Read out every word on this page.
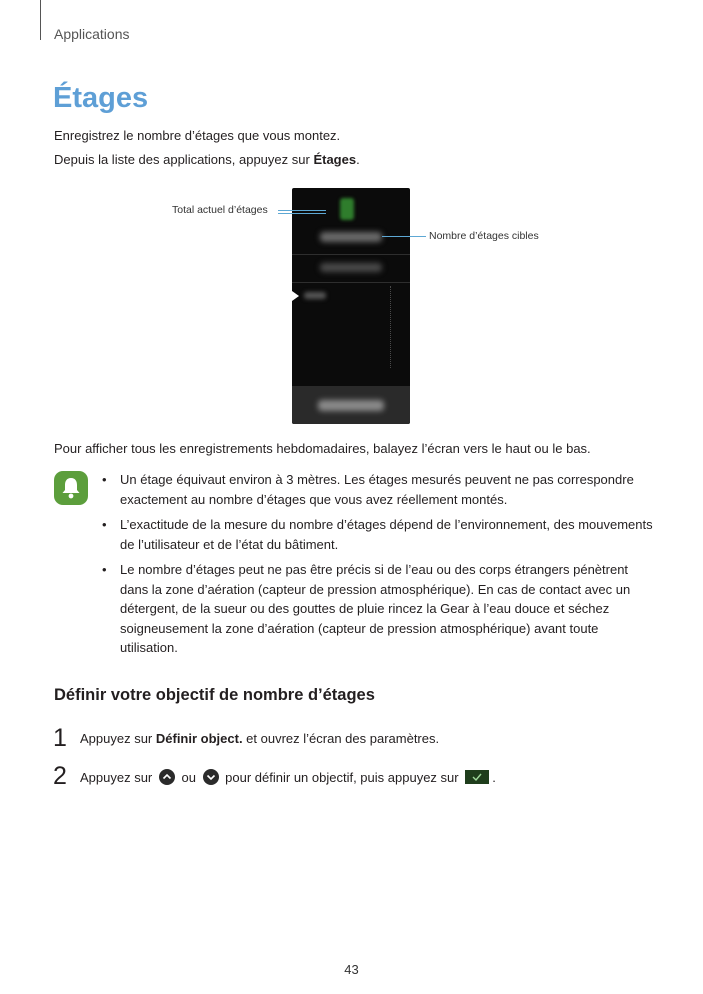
Applications
Étages
Enregistrez le nombre d’étages que vous montez.
Depuis la liste des applications, appuyez sur Étages.
Total actuel d’étages
Nombre d’étages cibles
Pour afficher tous les enregistrements hebdomadaires, balayez l’écran vers le haut ou le bas.
• Un étage équivaut environ à 3 mètres. Les étages mesurés peuvent ne pas correspondre exactement au nombre d’étages que vous avez réellement montés.
• L’exactitude de la mesure du nombre d’étages dépend de l’environnement, des mouvements de l’utilisateur et de l’état du bâtiment.
• Le nombre d’étages peut ne pas être précis si de l’eau ou des corps étrangers pénètrent dans la zone d’aération (capteur de pression atmosphérique). En cas de contact avec un détergent, de la sueur ou des gouttes de pluie rincez la Gear à l’eau douce et séchez soigneusement la zone d’aération (capteur de pression atmosphérique) avant toute utilisation.
Définir votre objectif de nombre d’étages
1 Appuyez sur Définir object. et ouvrez l’écran des paramètres.
2 Appuyez sur
ou
pour définir un objectif, puis appuyez sur
.
43
